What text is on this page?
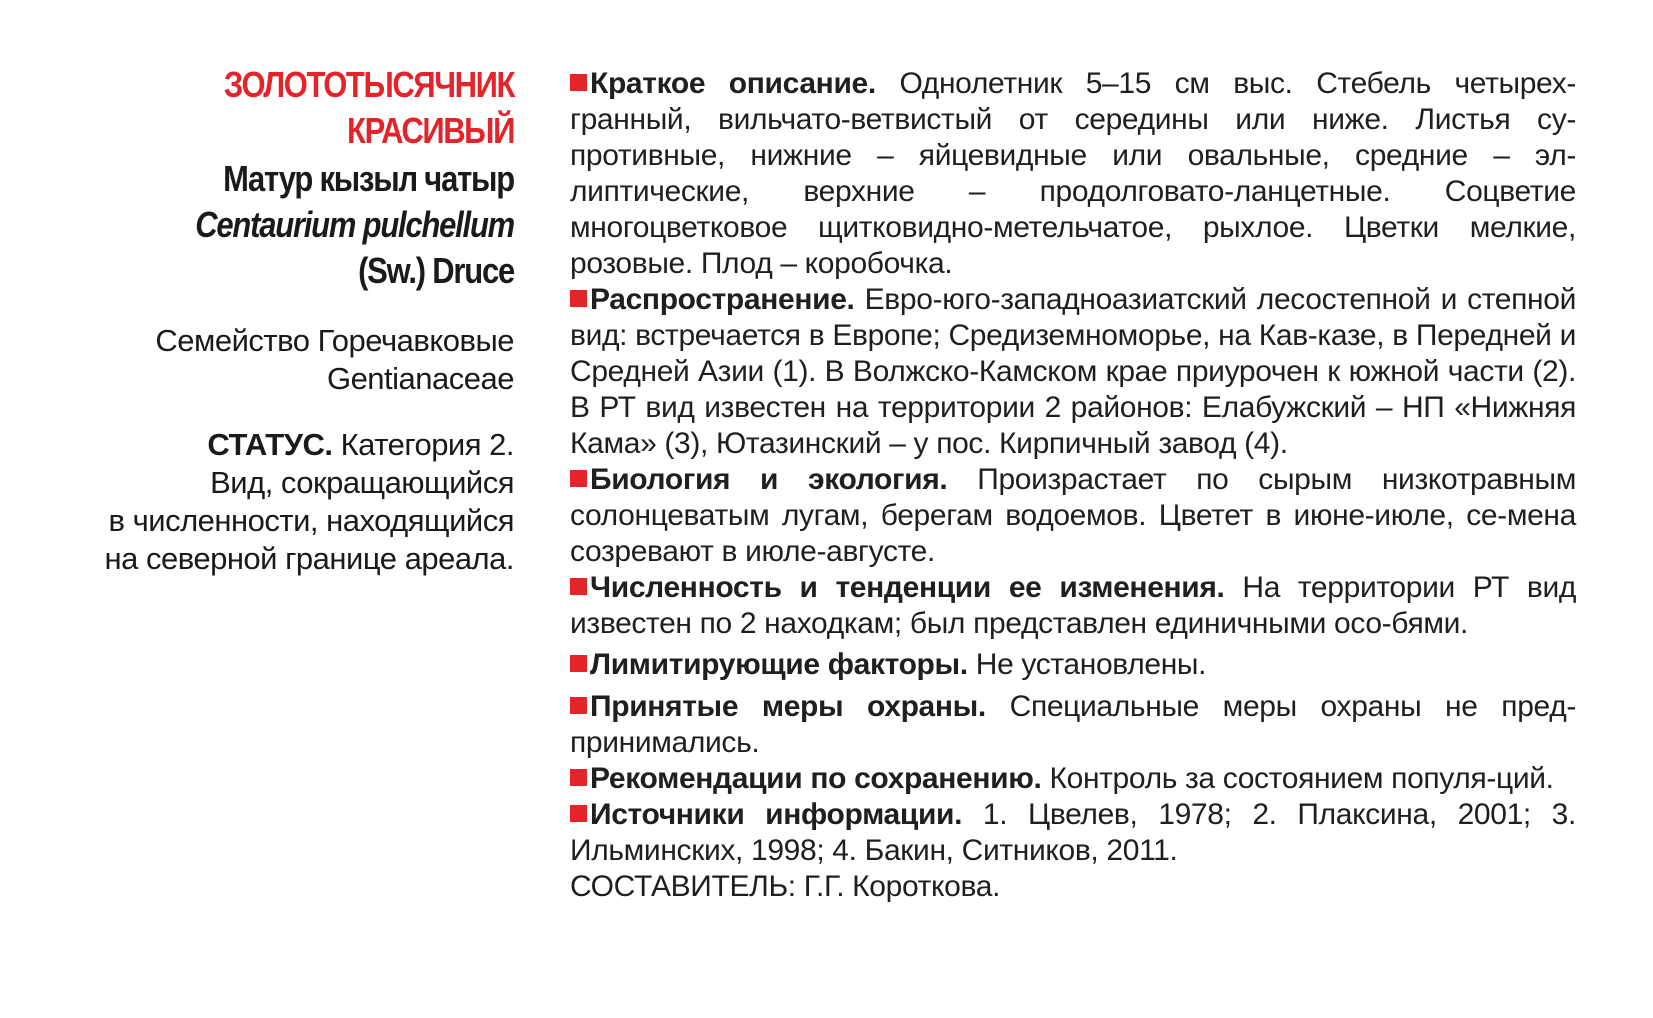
ЗОЛОТОТЫСЯЧНИК
КРАСИВЫЙ
Матур кызыл чатыр
Centaurium pulchellum
(Sw.) Druce
Семейство Горечавковые
Gentianaceae
СТАТУС. Категория 2.
Вид, сокращающийся
в численности, находящийся
на северной границе ареала.

Краткое описание. Однолетник 5–15 см выс. Стебель четырех-гранный, вильчато-ветвистый от середины или ниже. Листья су-противные, нижние – яйцевидные или овальные, средние – эл-липтические, верхние – продолговато-ланцетные. Соцветие многоцветковое щитковидно-метельчатое, рыхлое. Цветки мелкие, розовые. Плод – коробочка.

Распространение. Евро-юго-западноазиатский лесостепной и степной вид: встречается в Европе; Средиземноморье, на Кав-казе, в Передней и Средней Азии (1). В Волжско-Камском крае приурочен к южной части (2). В РТ вид известен на территории 2 районов: Елабужский – НП «Нижняя Кама» (3), Ютазинский – у пос. Кирпичный завод (4).

Биология и экология. Произрастает по сырым низкотравным солонцеватым лугам, берегам водоемов. Цветет в июне-июле, се-мена созревают в июле-августе.

Численность и тенденции ее изменения. На территории РТ вид известен по 2 находкам; был представлен единичными осо-бями.

Лимитирующие факторы. Не установлены.

Принятые меры охраны. Специальные меры охраны не пред-принимались.

Рекомендации по сохранению. Контроль за состоянием популя-ций.

Источники информации. 1. Цвелев, 1978; 2. Плаксина, 2001; 3. Ильминских, 1998; 4. Бакин, Ситников, 2011.

СОСТАВИТЕЛЬ: Г.Г. Короткова.
